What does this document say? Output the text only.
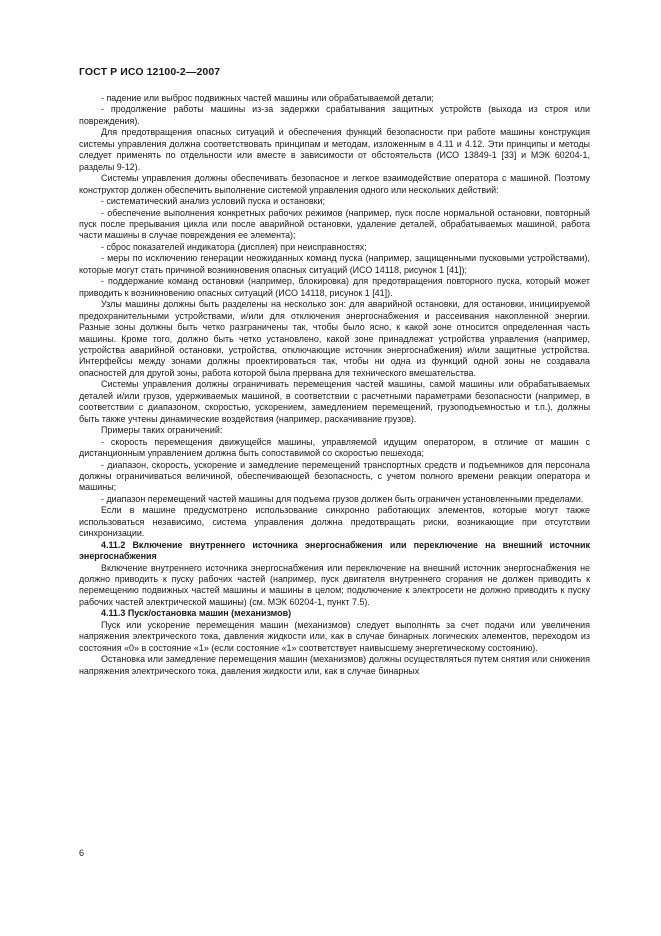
ГОСТ Р ИСО 12100-2—2007

- падение или выброс подвижных частей машины или обрабатываемой детали;

- продолжение работы машины из-за задержки срабатывания защитных устройств (выхода из строя или повреждения).

Для предотвращения опасных ситуаций и обеспечения функций безопасности при работе машины конструкция системы управления должна соответствовать принципам и методам, изложенным в 4.11 и 4.12. Эти принципы и методы следует применять по отдельности или вместе в зависимости от обстоятельств (ИСО 13849-1 [33] и МЭК 60204-1, разделы 9-12).

Системы управления должны обеспечивать безопасное и легкое взаимодействие оператора с машиной. Поэтому конструктор должен обеспечить выполнение системой управления одного или нескольких действий:

- систематический анализ условий пуска и остановки;

- обеспечение выполнения конкретных рабочих режимов (например, пуск после нормальной остановки, повторный пуск после прерывания цикла или после аварийной остановки, удаление деталей, обрабатываемых машиной, работа части машины в случае повреждения ее элемента);

- сброс показателей индикатора (дисплея) при неисправностях;

- меры по исключению генерации неожиданных команд пуска (например, защищенными пусковыми устройствами), которые могут стать причиной возникновения опасных ситуаций (ИСО 14118, рисунок 1 [41]);

- поддержание команд остановки (например, блокировка) для предотвращения повторного пуска, который может приводить к возникновению опасных ситуаций (ИСО 14118, рисунок 1 [41]).

Узлы машины должны быть разделены на несколько зон: для аварийной остановки, для остановки, инициируемой предохранительными устройствами, и/или для отключения энергоснабжения и рассеивания накопленной энергии. Разные зоны должны быть четко разграничены так, чтобы было ясно, к какой зоне относится определенная часть машины. Кроме того, должно быть четко установлено, какой зоне принадлежат устройства управления (например, устройства аварийной остановки, устройства, отключающие источник энергоснабжения) и/или защитные устройства. Интерфейсы между зонами должны проектироваться так, чтобы ни одна из функций одной зоны не создавала опасностей для другой зоны, работа которой была прервана для технического вмешательства.

Системы управления должны ограничивать перемещения частей машины, самой машины или обрабатываемых деталей и/или грузов, удерживаемых машиной, в соответствии с расчетными параметрами безопасности (например, в соответствии с диапазоном, скоростью, ускорением, замедлением перемещений, грузоподъемностью и т.п.), должны быть также учтены динамические воздействия (например, раскачивание грузов).

Примеры таких ограничений:

- скорость перемещения движущейся машины, управляемой идущим оператором, в отличие от машин с дистанционным управлением должна быть сопоставимой со скоростью пешехода;

- диапазон, скорость, ускорение и замедление перемещений транспортных средств и подъемников для персонала должны ограничиваться величиной, обеспечивающей безопасность, с учетом полного времени реакции оператора и машины;

- диапазон перемещений частей машины для подъема грузов должен быть ограничен установленными пределами.

Если в машине предусмотрено использование синхронно работающих элементов, которые могут также использоваться независимо, система управления должна предотвращать риски, возникающие при отсутствии синхронизации.

4.11.2 Включение внутреннего источника энергоснабжения или переключение на внешний источник энергоснабжения

Включение внутреннего источника энергоснабжения или переключение на внешний источник энергоснабжения не должно приводить к пуску рабочих частей (например, пуск двигателя внутреннего сгорания не должен приводить к перемещению подвижных частей машины и машины в целом; подключение к электросети не должно приводить к пуску рабочих частей электрической машины) (см. МЭК 60204-1, пункт 7.5).

4.11.3 Пуск/остановка машин (механизмов)

Пуск или ускорение перемещения машин (механизмов) следует выполнять за счет подачи или увеличения напряжения электрического тока, давления жидкости или, как в случае бинарных логических элементов, переходом из состояния «0» в состояние «1» (если состояние «1» соответствует наивысшему энергетическому состоянию).

Остановка или замедление перемещения машин (механизмов) должны осуществляться путем снятия или снижения напряжения электрического тока, давления жидкости или, как в случае бинарных

6
